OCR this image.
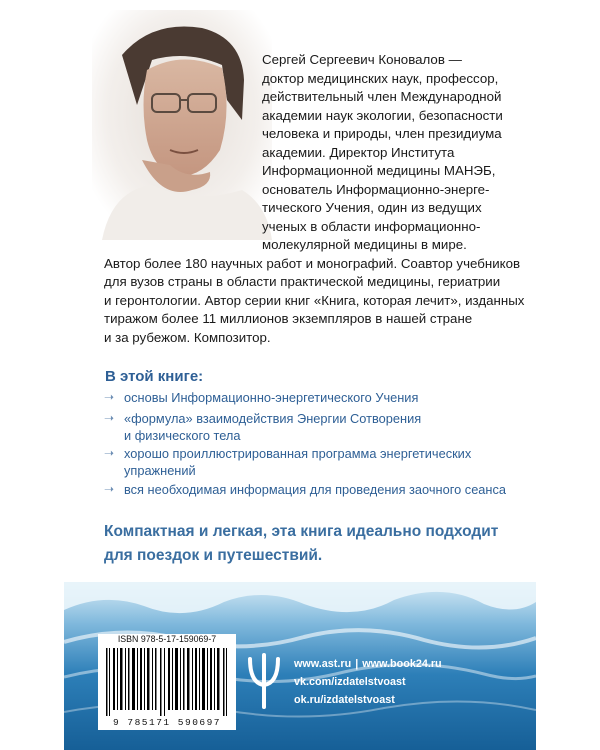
Сергей Сергеевич Коновалов —
доктор медицинских наук, профессор,
действительный член Международной
академии наук экологии, безопасности
человека и природы, член президиума
академии. Директор Института
Информационной медицины МАНЭБ,
основатель Информационно-энерге-
тического Учения, один из ведущих
ученых в области информационно-
молекулярной медицины в мире.
Автор более 180 научных работ и монографий. Соавтор учебников
для вузов страны в области практической медицины, гериатрии
и геронтологии. Автор серии книг «Книга, которая лечит», изданных
тиражом более 11 миллионов экземпляров в нашей стране
и за рубежом. Композитор.
В этой книге:
➝ основы Информационно-энергетического Учения
➝ «формула» взаимодействия Энергии Сотворения
и физического тела
➝ хорошо проиллюстрированная программа энергетических
упражнений
➝ вся необходимая информация для проведения заочного сеанса
Компактная и легкая, эта книга идеально подходит
для поездок и путешествий.
ISBN 978-5-17-159069-7
9 785171 590697
www.ast.ru | www.book24.ru
vk.com/izdatelstvoast
ok.ru/izdatelstvoast
